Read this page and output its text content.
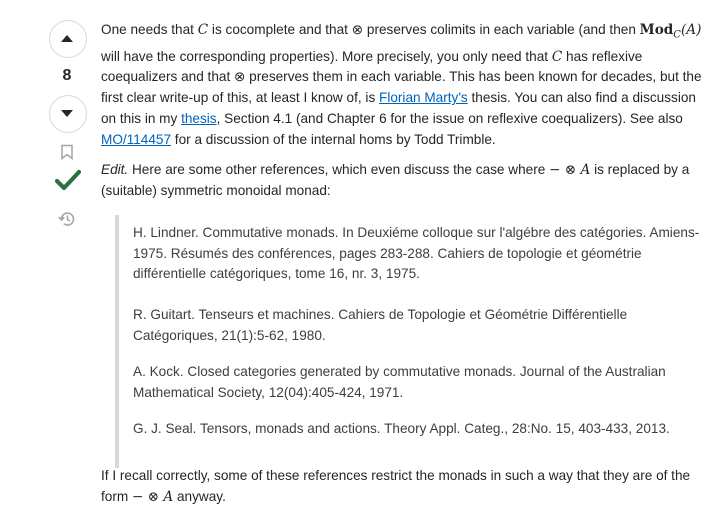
8

One needs that C is cocomplete and that ⊗ preserves colimits in each variable (and then Mod$_C$(A) will have the corresponding properties). More precisely, you only need that C has reflexive coequalizers and that ⊗ preserves them in each variable. This has been known for decades, but the first clear write-up of this, at least I know of, is Florian Marty's thesis. You can also find a discussion on this in my thesis, Section 4.1 (and Chapter 6 for the issue on reflexive coequalizers). See also MO/114457 for a discussion of the internal homs by Todd Trimble.

Edit. Here are some other references, which even discuss the case where − ⊗ A is replaced by a (suitable) symmetric monoidal monad:

H. Lindner. Commutative monads. In Deuxiéme colloque sur l'algébre des catégories. Amiens-1975. Résumés des conférences, pages 283-288. Cahiers de topologie et géométrie différentielle catégoriques, tome 16, nr. 3, 1975.
R. Guitart. Tenseurs et machines. Cahiers de Topologie et Géométrie Différentielle Catégoriques, 21(1):5-62, 1980.
A. Kock. Closed categories generated by commutative monads. Journal of the Australian Mathematical Society, 12(04):405-424, 1971.
G. J. Seal. Tensors, monads and actions. Theory Appl. Categ., 28:No. 15, 403-433, 2013.

If I recall correctly, some of these references restrict the monads in such a way that they are of the form − ⊗ A anyway.
